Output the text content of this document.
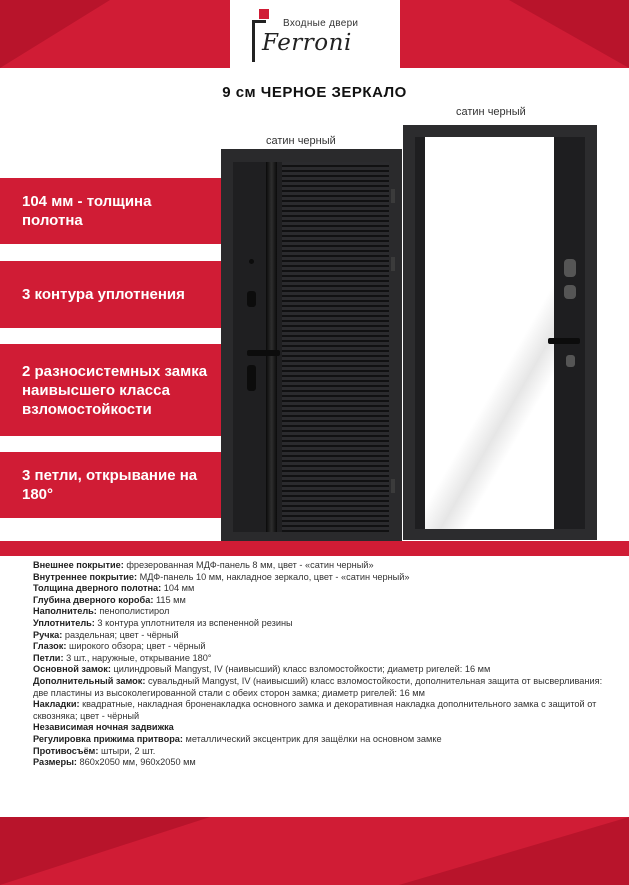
Входные двери
Ferroni
9 см ЧЕРНОЕ ЗЕРКАЛО
сатин черный
сатин черный
104 мм - толщина полотна
3 контура уплотнения
2 разносистемных замка наивысшего класса взломостойкости
3 петли, открывание на 180°
Внешнее покрытие: фрезерованная МДФ-панель 8 мм, цвет - «сатин черный»
Внутреннее покрытие: МДФ-панель 10 мм, накладное зеркало, цвет - «сатин черный»
Толщина дверного полотна: 104 мм
Глубина дверного короба: 115 мм
Наполнитель: пенополистирол
Уплотнитель: 3 контура уплотнителя из вспененной резины
Ручка: раздельная; цвет - чёрный
Глазок: широкого обзора; цвет - чёрный
Петли: 3 шт., наружные, открывание 180°
Основной замок: цилиндровый Mangyst, IV (наивысший) класс взломостойкости; диаметр ригелей: 16 мм
Дополнительный замок: сувальдный Mangyst, IV (наивысший) класс взломостойкости, дополнительная защита от высверливания: две пластины из высоколегированной стали с обеих сторон замка; диаметр ригелей: 16 мм
Накладки: квадратные, накладная броненакладка основного замка и декоративная накладка дополнительного замка с защитой от сквозняка; цвет - чёрный
Независимая ночная задвижка
Регулировка прижима притвора: металлический эксцентрик для защёлки на основном замке
Противосъём: штыри, 2 шт.
Размеры: 860х2050 мм, 960х2050 мм
